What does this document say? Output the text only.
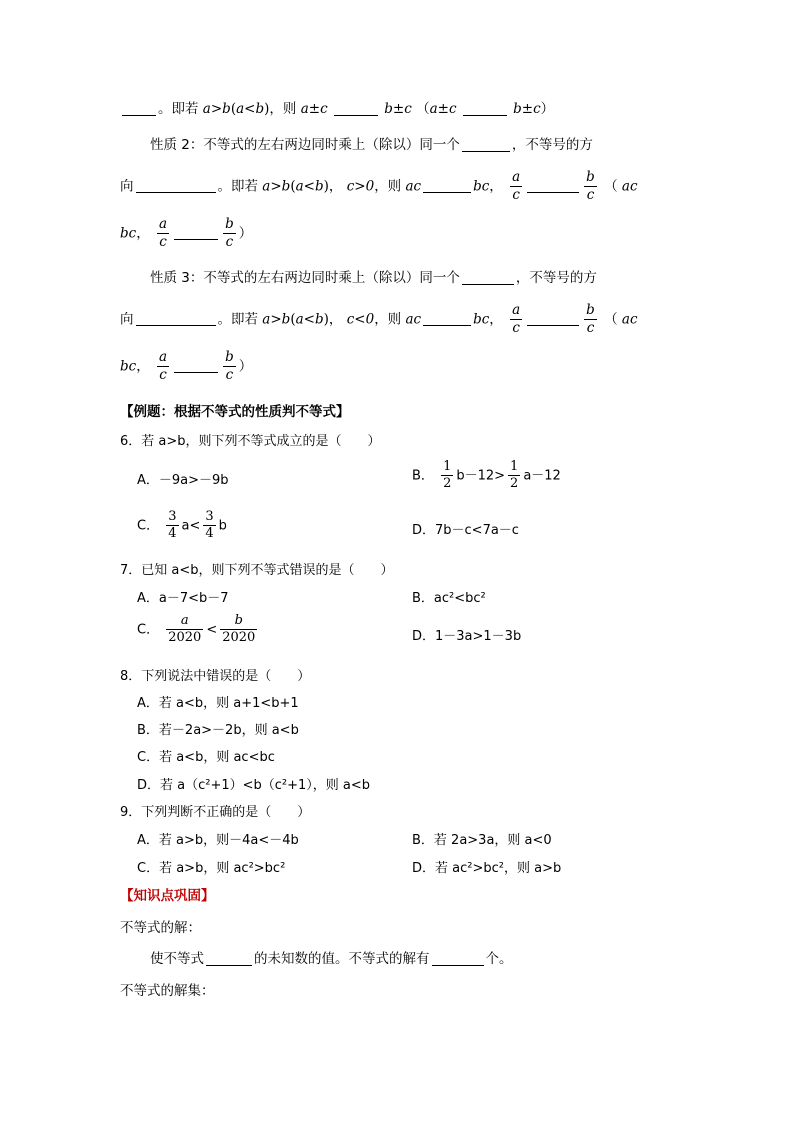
。即若 a>b(a<b)，则 a±c	b±c （a±c	b±c）
性质 2：不等式的左右两边同时乘上（除以）同一个	，不等号的方
向	。即若 a>b(a<b)， c>0，则 ac	bc， $\frac{a}{c}$	$\frac{b}{c}$ （ ac
bc， $\frac{a}{c}$	$\frac{b}{c}$ ）
性质 3：不等式的左右两边同时乘上（除以）同一个	，不等号的方
向	。即若 a>b(a<b)， c<0，则 ac	bc， $\frac{a}{c}$	$\frac{b}{c}$ （ ac
bc， $\frac{a}{c}$	$\frac{b}{c}$ ）
【例题：根据不等式的性质判不等式】
6．若 a>b，则下列不等式成立的是（　　）
A．－9a>－9b	B． $\frac{1}{2} b-12> \frac{1}{2} a-12$
C． $\frac{3}{4} a< \frac{3}{4}$ b	D．7b－c<7a－c
7．已知 a<b，则下列不等式错误的是（　　）
A．a－7<b－7	B．ac²<bc²
C． $\frac{a}{2020} < \frac{b}{2020}$	D．1－3a>1－3b
8．下列说法中错误的是（　　）
A．若 a<b，则 a+1<b+1
B．若－2a>－2b，则 a<b
C．若 a<b，则 ac<bc
D．若 a（c²+1）<b（c²+1），则 a<b
9．下列判断不正确的是（　　）
A．若 a>b，则－4a<－4b	B．若 2a>3a，则 a<0
C．若 a>b，则 ac²>bc²	D．若 ac²>bc²，则 a>b
【知识点巩固】
不等式的解：
使不等式	的未知数的值。不等式的解有	个。
不等式的解集：
